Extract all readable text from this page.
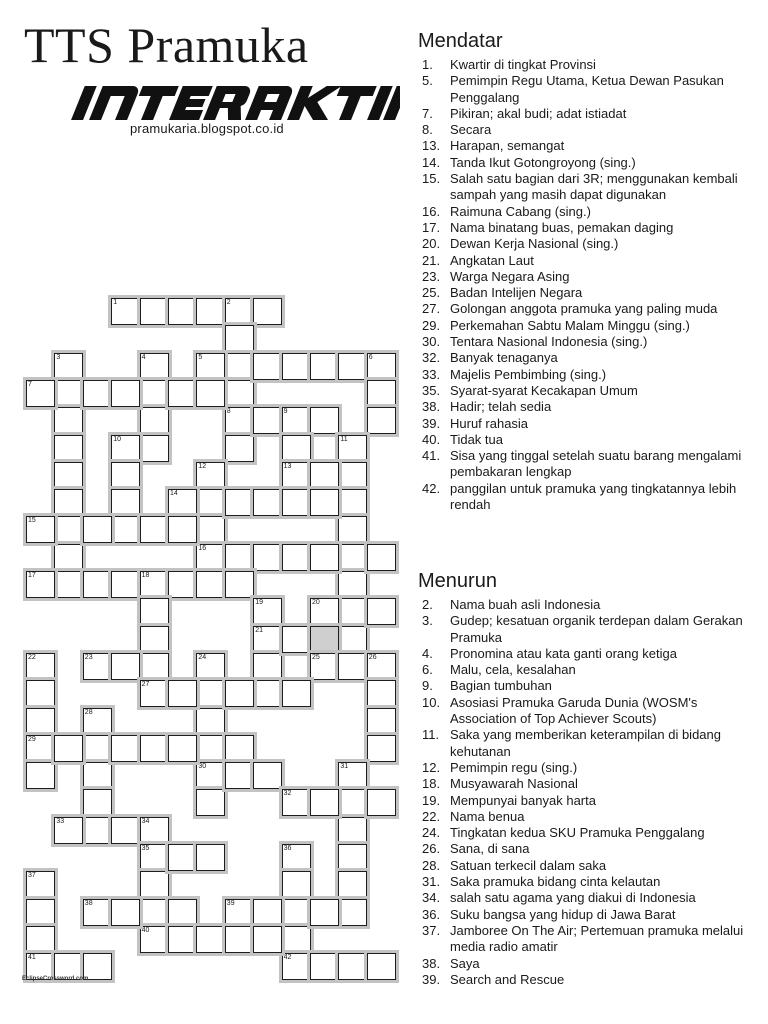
TTS Pramuka
pramukaria.blogspot.co.id
1	2
8
3	4	5	6
7
9
13
10	11
12
16
14
15
17	18
19
21
20
22
29
23	24
30
25	26
27
28
31
32
33	34
35
40
36
42
37
41
38	39
EclipseCrossword.com
Mendatar
1.	Kwartir di tingkat Provinsi
5.	Pemimpin Regu Utama, Ketua Dewan Pasukan Penggalang
7.	Pikiran; akal budi; adat istiadat
8.	Secara
13. Harapan, semangat
14. Tanda Ikut Gotongroyong (sing.)
15. Salah satu bagian dari 3R; menggunakan kembali sampah yang masih dapat digunakan
16. Raimuna Cabang (sing.)
17. Nama binatang buas, pemakan daging
20. Dewan Kerja Nasional (sing.)
21. Angkatan Laut
23. Warga Negara Asing
25. Badan Intelijen Negara
27. Golongan anggota pramuka yang paling muda
29. Perkemahan Sabtu Malam Minggu (sing.)
30. Tentara Nasional Indonesia (sing.)
32. Banyak tenaganya
33. Majelis Pembimbing (sing.)
35. Syarat-syarat Kecakapan Umum
38. Hadir; telah sedia
39. Huruf rahasia
40. Tidak tua
41. Sisa yang tinggal setelah suatu barang mengalami pembakaran lengkap
42. panggilan untuk pramuka yang tingkatannya lebih rendah
Menurun
2.	Nama buah asli Indonesia
3.	Gudep; kesatuan organik terdepan dalam Gerakan Pramuka
4.	Pronomina atau kata ganti orang ketiga
6.	Malu, cela, kesalahan
9.	Bagian tumbuhan
10. Asosiasi Pramuka Garuda Dunia (WOSM's Association of Top Achiever Scouts)
11. Saka yang memberikan keterampilan di bidang kehutanan
12. Pemimpin regu (sing.)
18. Musyawarah Nasional
19. Mempunyai banyak harta
22. Nama benua
24. Tingkatan kedua SKU Pramuka Penggalang
26. Sana, di sana
28. Satuan terkecil dalam saka
31. Saka pramuka bidang cinta kelautan
34. salah satu agama yang diakui di Indonesia
36. Suku bangsa yang hidup di Jawa Barat
37. Jamboree On The Air; Pertemuan pramuka melalui media radio amatir
38. Saya
39. Search and Rescue
